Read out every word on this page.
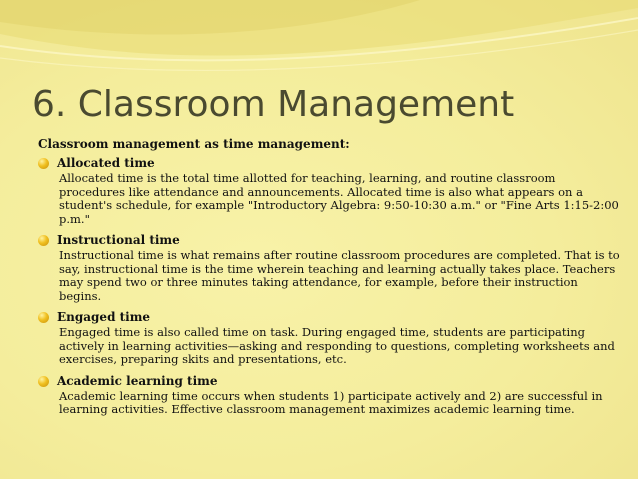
6. Classroom Management
Classroom management as time management:
Allocated time
Allocated time is the total time allotted for teaching, learning, and routine classroom procedures like attendance and announcements. Allocated time is also what appears on a student's schedule, for example "Introductory Algebra: 9:50-10:30 a.m." or "Fine Arts 1:15-2:00 p.m."
Instructional time
Instructional time is what remains after routine classroom procedures are completed. That is to say, instructional time is the time wherein teaching and learning actually takes place. Teachers may spend two or three minutes taking attendance, for example, before their instruction begins.
Engaged time
Engaged time is also called time on task. During engaged time, students are participating actively in learning activities—asking and responding to questions, completing worksheets and exercises, preparing skits and presentations, etc.
Academic learning time
Academic learning time occurs when students 1) participate actively and 2) are successful in learning activities. Effective classroom management maximizes academic learning time.
